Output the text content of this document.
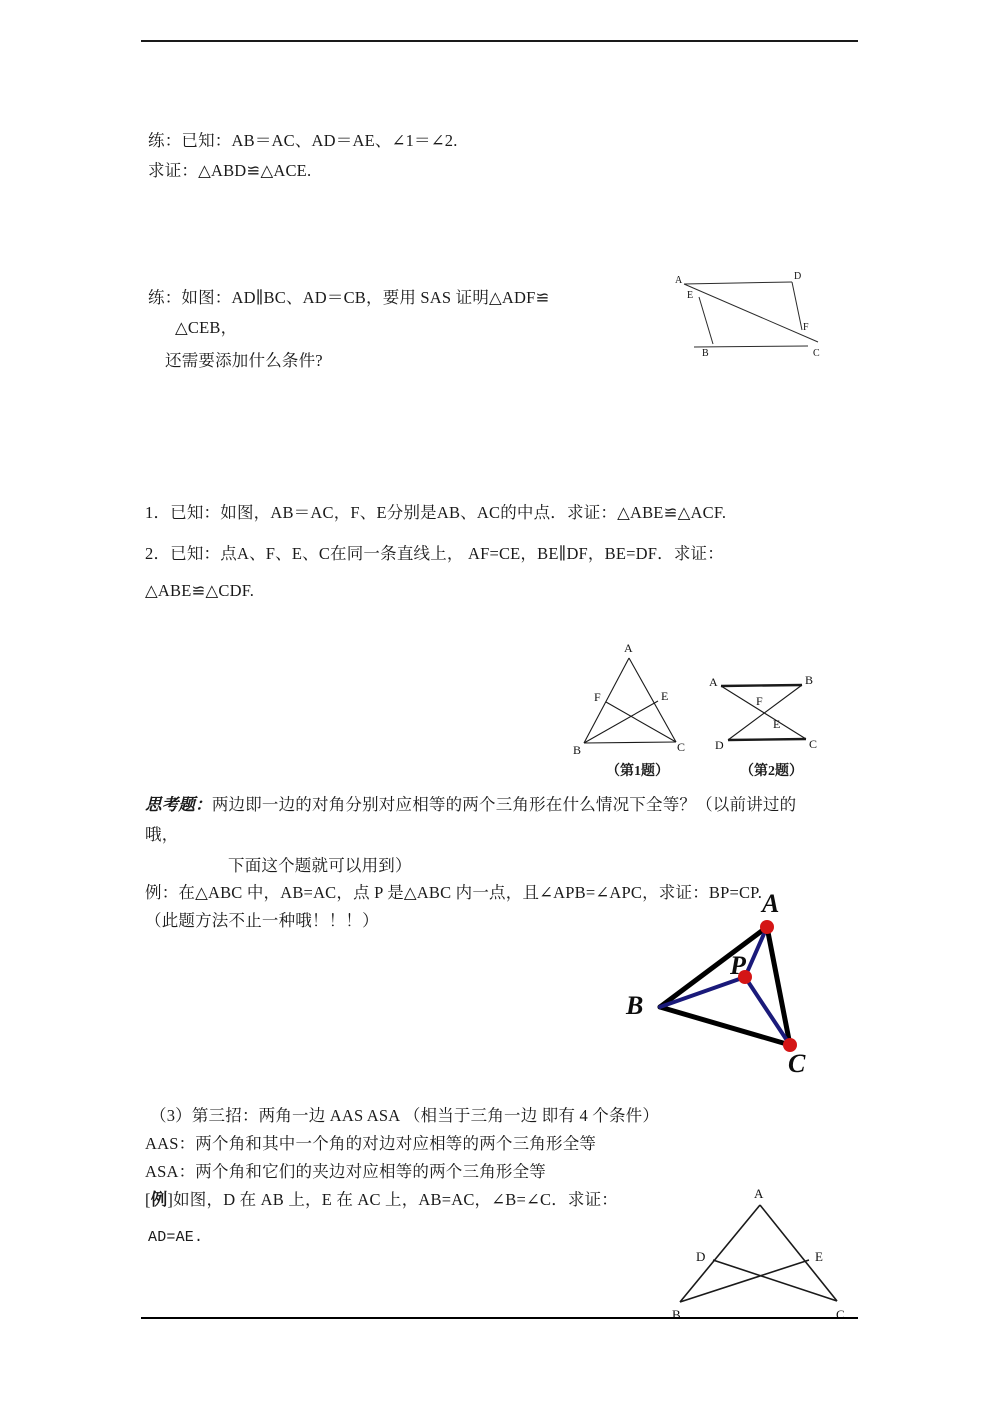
练：已知：AB＝AC、AD＝AE、∠1＝∠2.
求证：△ABD≌△ACE.
练：如图：AD∥BC、AD＝CB，要用 SAS 证明△ADF≌
△CEB，
还需要添加什么条件?
A	D
E
F
B	C
1．已知：如图，AB＝AC，F、E分别是AB、AC的中点．求证：△ABE≌△ACF.
2．已知：点A、F、E、C在同一条直线上， AF=CE，BE∥DF，BE=DF．求证：
△ABE≌△CDF.
A
F	E
B	C
A	B
F
E
D	C
（第1题）	（第2题）
思考题：两边即一边的对角分别对应相等的两个三角形在什么情况下全等？（以前讲过的
哦，
下面这个题就可以用到）
例：在△ABC 中，AB=AC，点 P 是△ABC 内一点，且∠APB=∠APC，求证：BP=CP.
（此题方法不止一种哦！！！）
A
P
B
C
（3）第三招：两角一边 AAS ASA （相当于三角一边 即有 4 个条件）
AAS：两个角和其中一个角的对边对应相等的两个三角形全等
ASA：两个角和它们的夹边对应相等的两个三角形全等
[例]如图，D 在 AB 上，E 在 AC 上，AB=AC，∠B=∠C．求证：
AD=AE.
A
D	E
B	C
